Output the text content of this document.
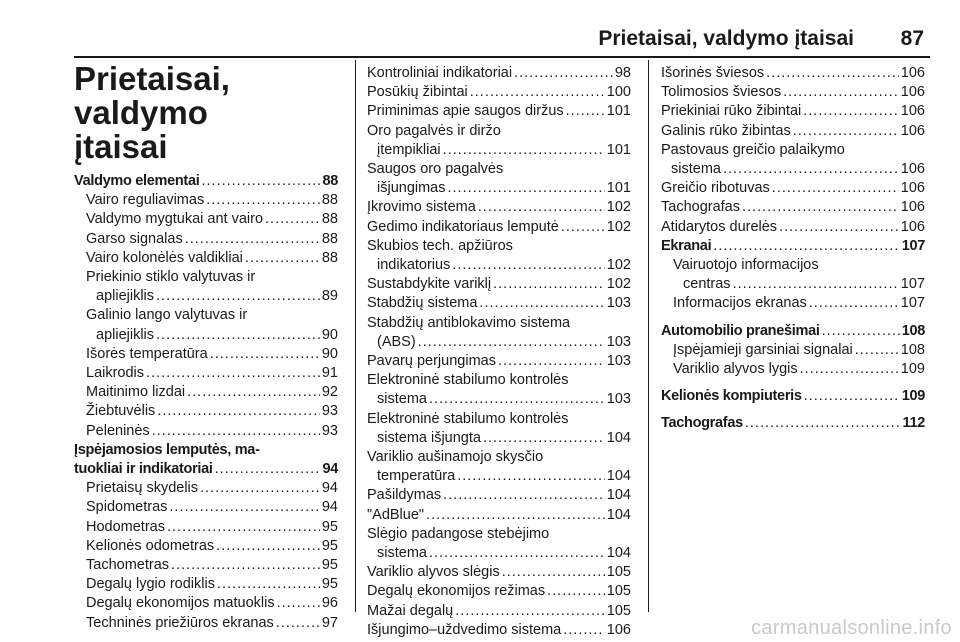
Prietaisai, valdymo įtaisai 87
Prietaisai, valdymo
įtaisai
Valdymo elementai .....	88
Vairo reguliavimas .....	88
Valdymo mygtukai ant vairo .....	88
Garso signalas .....	88
Vairo kolonėlės valdikliai .....	88
Priekinio stiklo valytuvas ir
apliejiklis .....	89
Galinio lango valytuvas ir
apliejiklis .....	90
Išorės temperatūra .....	90
Laikrodis .....	91
Maitinimo lizdai .....	92
Žiebtuvėlis .....	93
Peleninės .....	93
Įspėjamosios lemputės, ma-
tuokliai ir indikatoriai .....	94
Prietaisų skydelis .....	94
Spidometras .....	94
Hodometras .....	95
Kelionės odometras .....	95
Tachometras .....	95
Degalų lygio rodiklis .....	95
Degalų ekonomijos matuoklis .....	96
Techninės priežiūros ekranas .....	97
Kontroliniai indikatoriai .....	98
Posūkių žibintai .....	100
Priminimas apie saugos diržus .....	101
Oro pagalvės ir diržo
įtempikliai .....	101
Saugos oro pagalvės
išjungimas .....	101
Įkrovimo sistema .....	102
Gedimo indikatoriaus lemputė .....	102
Skubios tech. apžiūros
indikatorius .....	102
Sustabdykite variklį .....	102
Stabdžių sistema .....	103
Stabdžių antiblokavimo sistema
(ABS) .....	103
Pavarų perjungimas .....	103
Elektroninė stabilumo kontrolės
sistema .....	103
Elektroninė stabilumo kontrolės
sistema išjungta .....	104
Variklio aušinamojo skysčio
temperatūra .....	104
Pašildymas .....	104
"AdBlue" .....	104
Slėgio padangose stebėjimo
sistema .....	104
Variklio alyvos slėgis .....	105
Degalų ekonomijos režimas .....	105
Mažai degalų .....	105
Išjungimo–uždvedimo sistema .....	106
Išorinės šviesos .....	106
Tolimosios šviesos .....	106
Priekiniai rūko žibintai .....	106
Galinis rūko žibintas .....	106
Pastovaus greičio palaikymo
sistema .....	106
Greičio ribotuvas .....	106
Tachografas .....	106
Atidarytos durelės .....	106
Ekranai .....	107
Vairuotojo informacijos
centras .....	107
Informacijos ekranas .....	107
Automobilio pranešimai .....	108
Įspėjamieji garsiniai signalai .....	108
Variklio alyvos lygis .....	109
Kelionės kompiuteris .....	109
Tachografas .....	112
carmanualsonline.info
